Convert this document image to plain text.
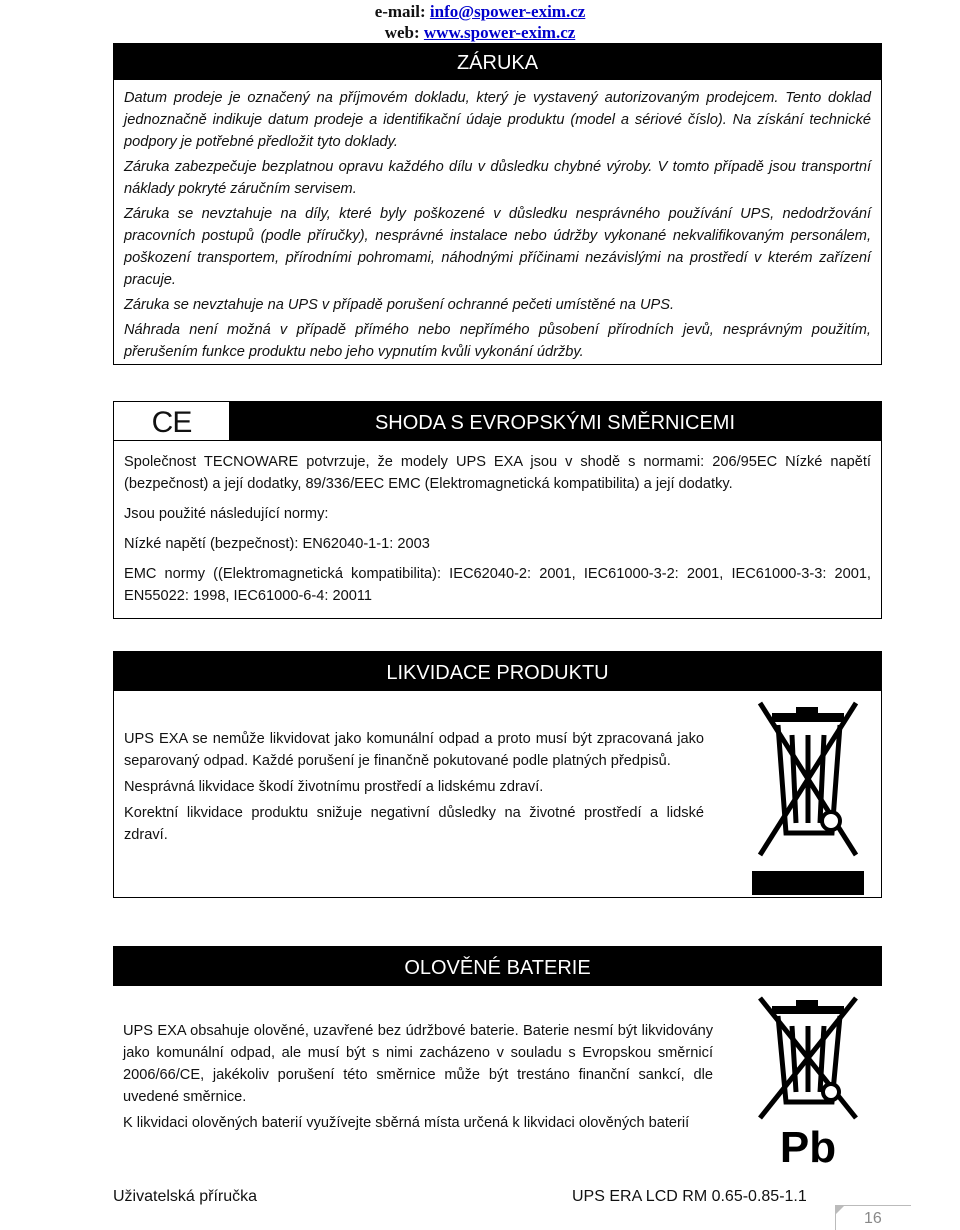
e-mail: info@spower-exim.cz
web: www.spower-exim.cz
ZÁRUKA

Datum prodeje je označený na příjmovém dokladu, který je vystavený autorizovaným prodejcem. Tento doklad jednoznačně indikuje datum prodeje a identifikační údaje produktu (model a sériové číslo). Na získání technické podpory je potřebné předložit tyto doklady.

Záruka zabezpečuje bezplatnou opravu každého dílu v důsledku chybné výroby. V tomto případě jsou transportní náklady pokryté záručním servisem.

Záruka se nevztahuje na díly, které byly poškozené v důsledku nesprávného používání UPS, nedodržování pracovních postupů (podle příručky), nesprávné instalace nebo údržby vykonané nekvalifikovaným personálem, poškození transportem, přírodními pohromami, náhodnými příčinami nezávislými na prostředí v kterém zařízení pracuje.

Záruka se nevztahuje na UPS v případě porušení ochranné pečeti umístěné na UPS.

Náhrada není možná v případě přímého nebo nepřímého působení přírodních jevů, nesprávným použitím, přerušením funkce produktu nebo jeho vypnutím kvůli vykonání údržby.

CE	SHODA S EVROPSKÝMI SMĚRNICEMI

Společnost TECNOWARE potvrzuje, že modely UPS EXA jsou v shodě s normami: 206/95EC Nízké napětí (bezpečnost) a její dodatky, 89/336/EEC EMC (Elektromagnetická kompatibilita) a její dodatky.

Jsou použité následující normy:

Nízké napětí (bezpečnost): EN62040-1-1: 2003

EMC normy ((Elektromagnetická kompatibilita): IEC62040-2: 2001, IEC61000-3-2: 2001, IEC61000-3-3: 2001, EN55022: 1998, IEC61000-6-4: 20011

LIKVIDACE PRODUKTU

UPS EXA se nemůže likvidovat jako komunální odpad a proto musí být zpracovaná jako separovaný odpad. Každé porušení je finančně pokutované podle platných předpisů.

Nesprávná likvidace škodí životnímu prostředí a lidskému zdraví.

Korektní likvidace produktu snižuje negativní důsledky na životné prostředí a lidské zdraví.

OLOVĚNÉ BATERIE

UPS EXA obsahuje olověné, uzavřené bez údržbové baterie. Baterie nesmí být likvidovány jako komunální odpad, ale musí být s nimi zacházeno v souladu s Evropskou směrnicí 2006/66/CE, jakékoliv porušení této směrnice může být trestáno finanční sankcí, dle uvedené směrnice.

K likvidaci olověných baterií využívejte sběrná místa určená k likvidaci olověných baterií	Pb
Uživatelská příručka	UPS ERA LCD RM 0.65-0.85-1.1
16
